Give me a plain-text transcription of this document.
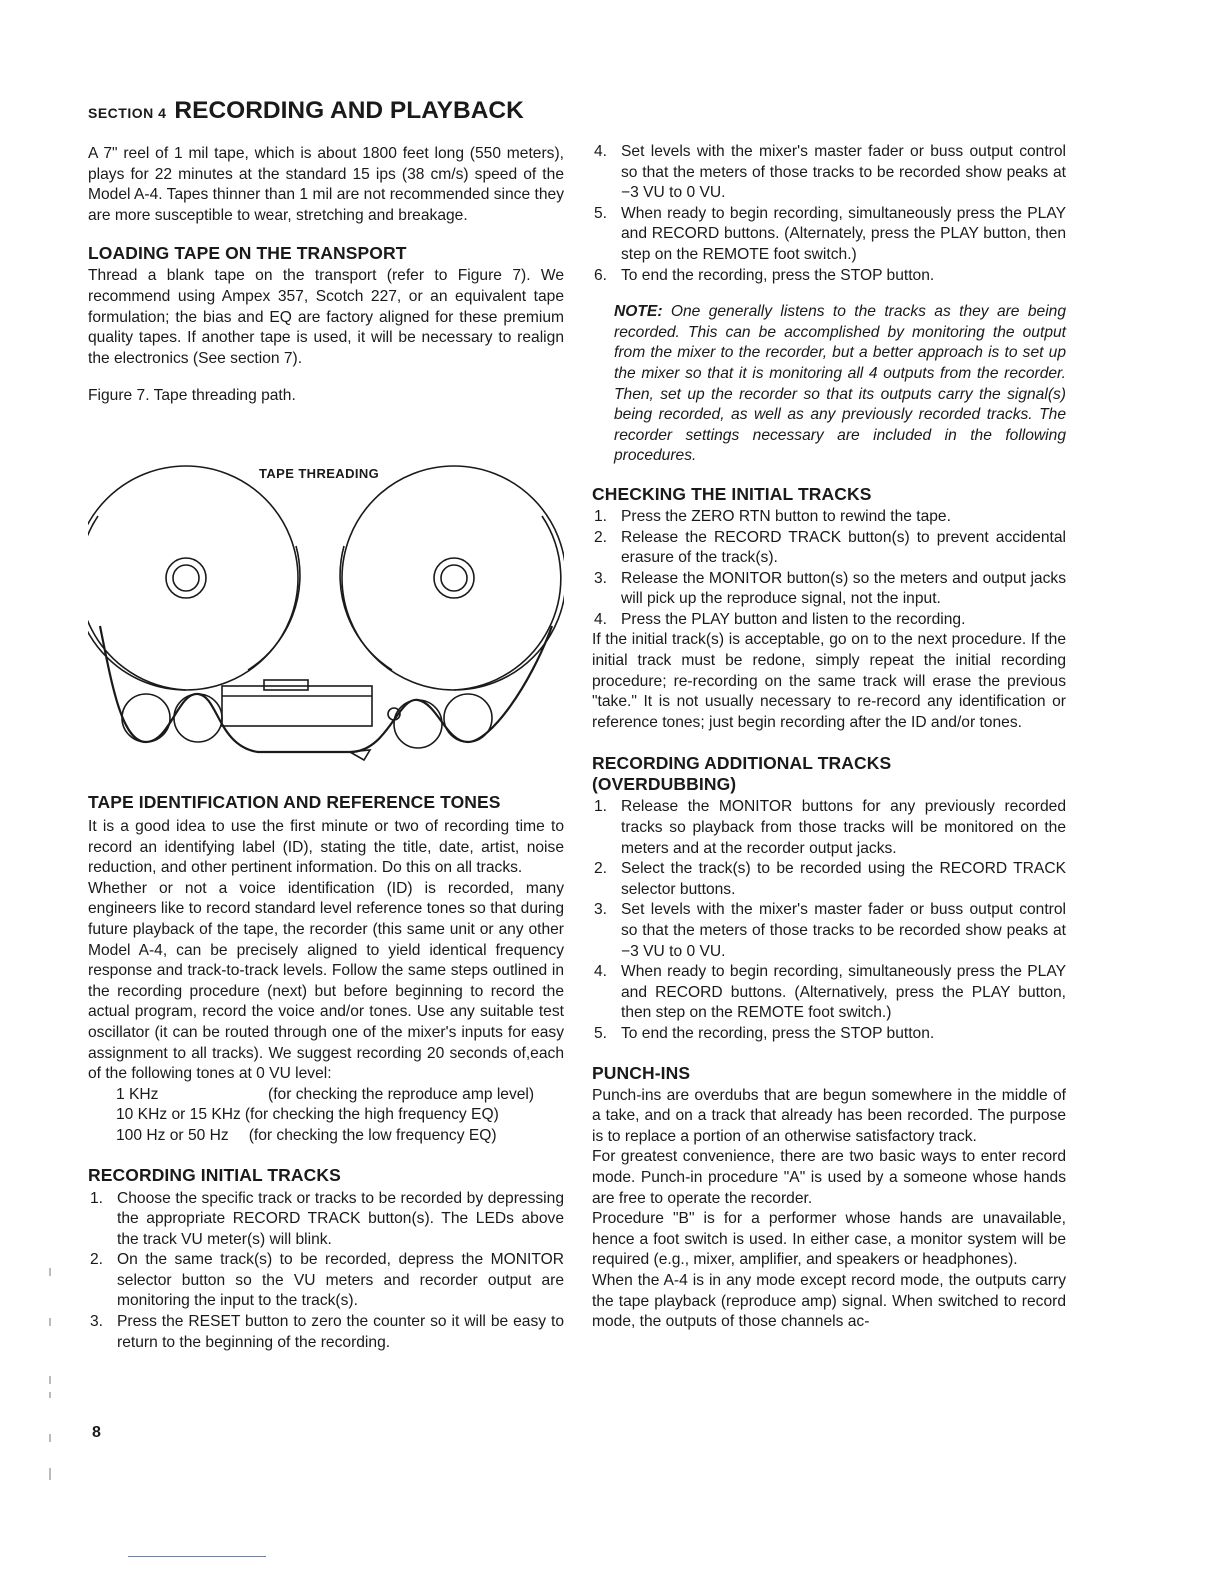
SECTION 4 RECORDING AND PLAYBACK

A 7" reel of 1 mil tape, which is about 1800 feet long (550 meters), plays for 22 minutes at the standard 15 ips (38 cm/s) speed of the Model A-4. Tapes thinner than 1 mil are not recommended since they are more susceptible to wear, stretching and breakage.

LOADING TAPE ON THE TRANSPORT

Thread a blank tape on the transport (refer to Figure 7). We recommend using Ampex 357, Scotch 227, or an equivalent tape formulation; the bias and EQ are factory aligned for these premium quality tapes. If another tape is used, it will be necessary to realign the electronics (See section 7).

Figure 7. Tape threading path.

TAPE THREADING
TAPE IDENTIFICATION AND REFERENCE TONES

It is a good idea to use the first minute or two of recording time to record an identifying label (ID), stating the title, date, artist, noise reduction, and other pertinent information. Do this on all tracks.

Whether or not a voice identification (ID) is recorded, many engineers like to record standard level reference tones so that during future playback of the tape, the recorder (this same unit or any other Model A-4, can be precisely aligned to yield identical frequency response and track-to-track levels. Follow the same steps outlined in the recording procedure (next) but before beginning to record the actual program, record the voice and/or tones. Use any suitable test oscillator (it can be routed through one of the mixer's inputs for easy assignment to all tracks). We suggest recording 20 seconds of,each of the following tones at 0 VU level:

1 KHz	(for checking the reproduce amp level)
10 KHz or 15 KHz (for checking the high frequency EQ)
100 Hz or 50 Hz	(for checking the low frequency EQ)
RECORDING INITIAL TRACKS
1. Choose the specific track or tracks to be recorded by depressing the appropriate RECORD TRACK button(s). The LEDs above the track VU meter(s) will blink.
2. On the same track(s) to be recorded, depress the MONITOR selector button so the VU meters and recorder output are monitoring the input to the track(s).
3. Press the RESET button to zero the counter so it will be easy to return to the beginning of the recording.
4. Set levels with the mixer's master fader or buss output control so that the meters of those tracks to be recorded show peaks at −3 VU to 0 VU.
5. When ready to begin recording, simultaneously press the PLAY and RECORD buttons. (Alternately, press the PLAY button, then step on the REMOTE foot switch.)
6. To end the recording, press the STOP button.
NOTE: One generally listens to the tracks as they are being recorded. This can be accomplished by monitoring the output from the mixer to the recorder, but a better approach is to set up the mixer so that it is monitoring all 4 outputs from the recorder. Then, set up the recorder so that its outputs carry the signal(s) being recorded, as well as any previously recorded tracks. The recorder settings necessary are included in the following procedures.
CHECKING THE INITIAL TRACKS
1. Press the ZERO RTN button to rewind the tape.
2. Release the RECORD TRACK button(s) to prevent accidental erasure of the track(s).
3. Release the MONITOR button(s) so the meters and output jacks will pick up the reproduce signal, not the input.
4. Press the PLAY button and listen to the recording.

If the initial track(s) is acceptable, go on to the next procedure. If the initial track must be redone, simply repeat the initial recording procedure; re-recording on the same track will erase the previous "take." It is not usually necessary to re-record any identification or reference tones; just begin recording after the ID and/or tones.

RECORDING ADDITIONAL TRACKS
(OVERDUBBING)
1. Release the MONITOR buttons for any previously recorded tracks so playback from those tracks will be monitored on the meters and at the recorder output jacks.
2. Select the track(s) to be recorded using the RECORD TRACK selector buttons.
3. Set levels with the mixer's master fader or buss output control so that the meters of those tracks to be recorded show peaks at −3 VU to 0 VU.
4. When ready to begin recording, simultaneously press the PLAY and RECORD buttons. (Alternatively, press the PLAY button, then step on the REMOTE foot switch.)
5. To end the recording, press the STOP button.
PUNCH-INS

Punch-ins are overdubs that are begun somewhere in the middle of a take, and on a track that already has been recorded. The purpose is to replace a portion of an otherwise satisfactory track.

For greatest convenience, there are two basic ways to enter record mode. Punch-in procedure "A" is used by a someone whose hands are free to operate the recorder.

Procedure "B" is for a performer whose hands are unavailable, hence a foot switch is used. In either case, a monitor system will be required (e.g., mixer, amplifier, and speakers or headphones).

When the A-4 is in any mode except record mode, the outputs carry the tape playback (reproduce amp) signal. When switched to record mode, the outputs of those channels ac-

8
